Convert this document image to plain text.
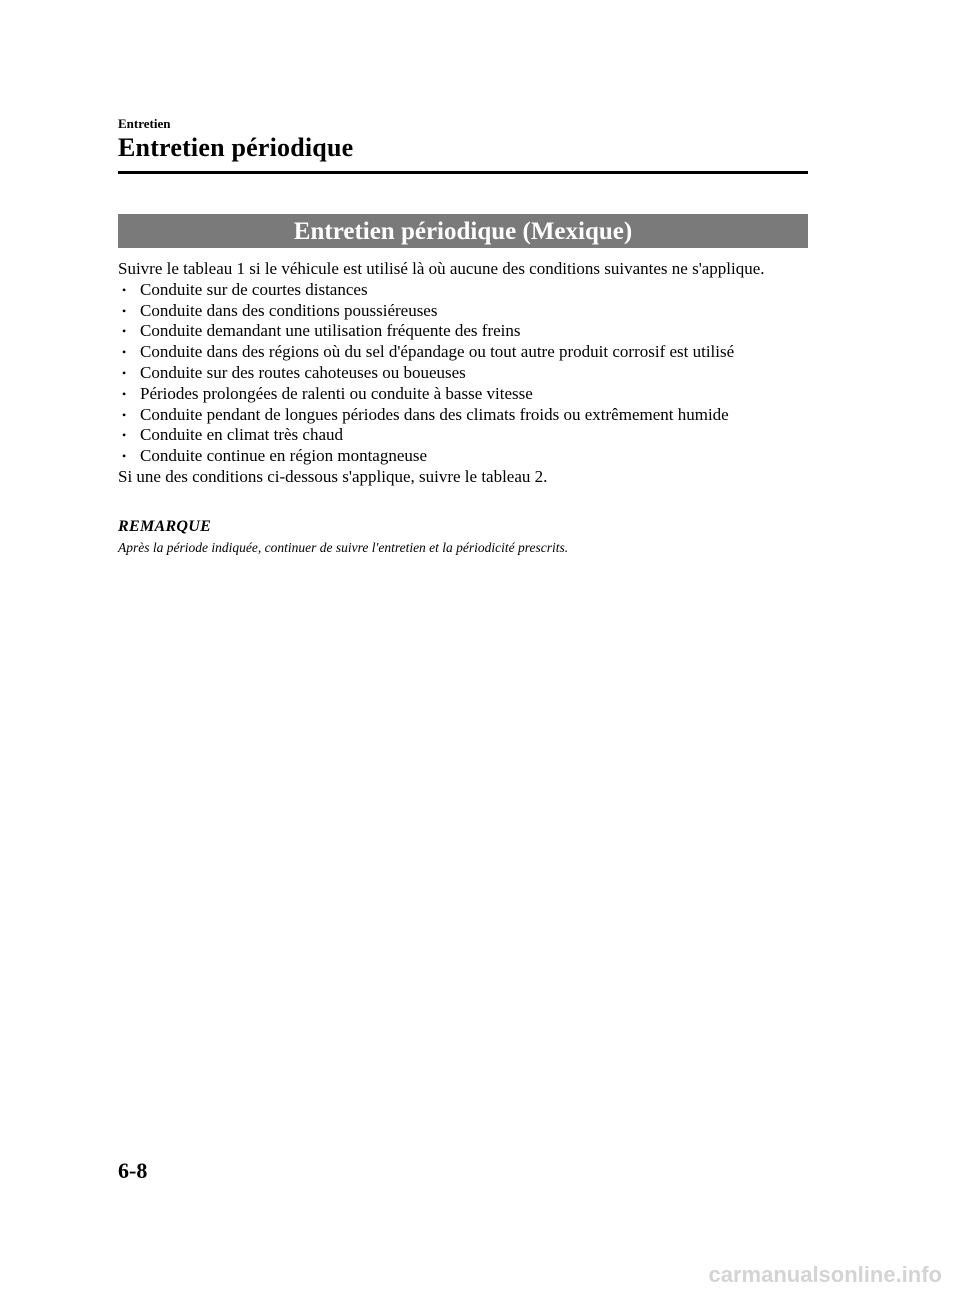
Entretien
Entretien périodique
Entretien périodique (Mexique)

Suivre le tableau 1 si le véhicule est utilisé là où aucune des conditions suivantes ne s'applique.

• Conduite sur de courtes distances
• Conduite dans des conditions poussiéreuses
• Conduite demandant une utilisation fréquente des freins
• Conduite dans des régions où du sel d'épandage ou tout autre produit corrosif est utilisé
• Conduite sur des routes cahoteuses ou boueuses
• Périodes prolongées de ralenti ou conduite à basse vitesse
• Conduite pendant de longues périodes dans des climats froids ou extrêmement humide
• Conduite en climat très chaud
• Conduite continue en région montagneuse

Si une des conditions ci-dessous s'applique, suivre le tableau 2.

REMARQUE
Après la période indiquée, continuer de suivre l'entretien et la périodicité prescrits.
6-8
carmanualsonline.info
